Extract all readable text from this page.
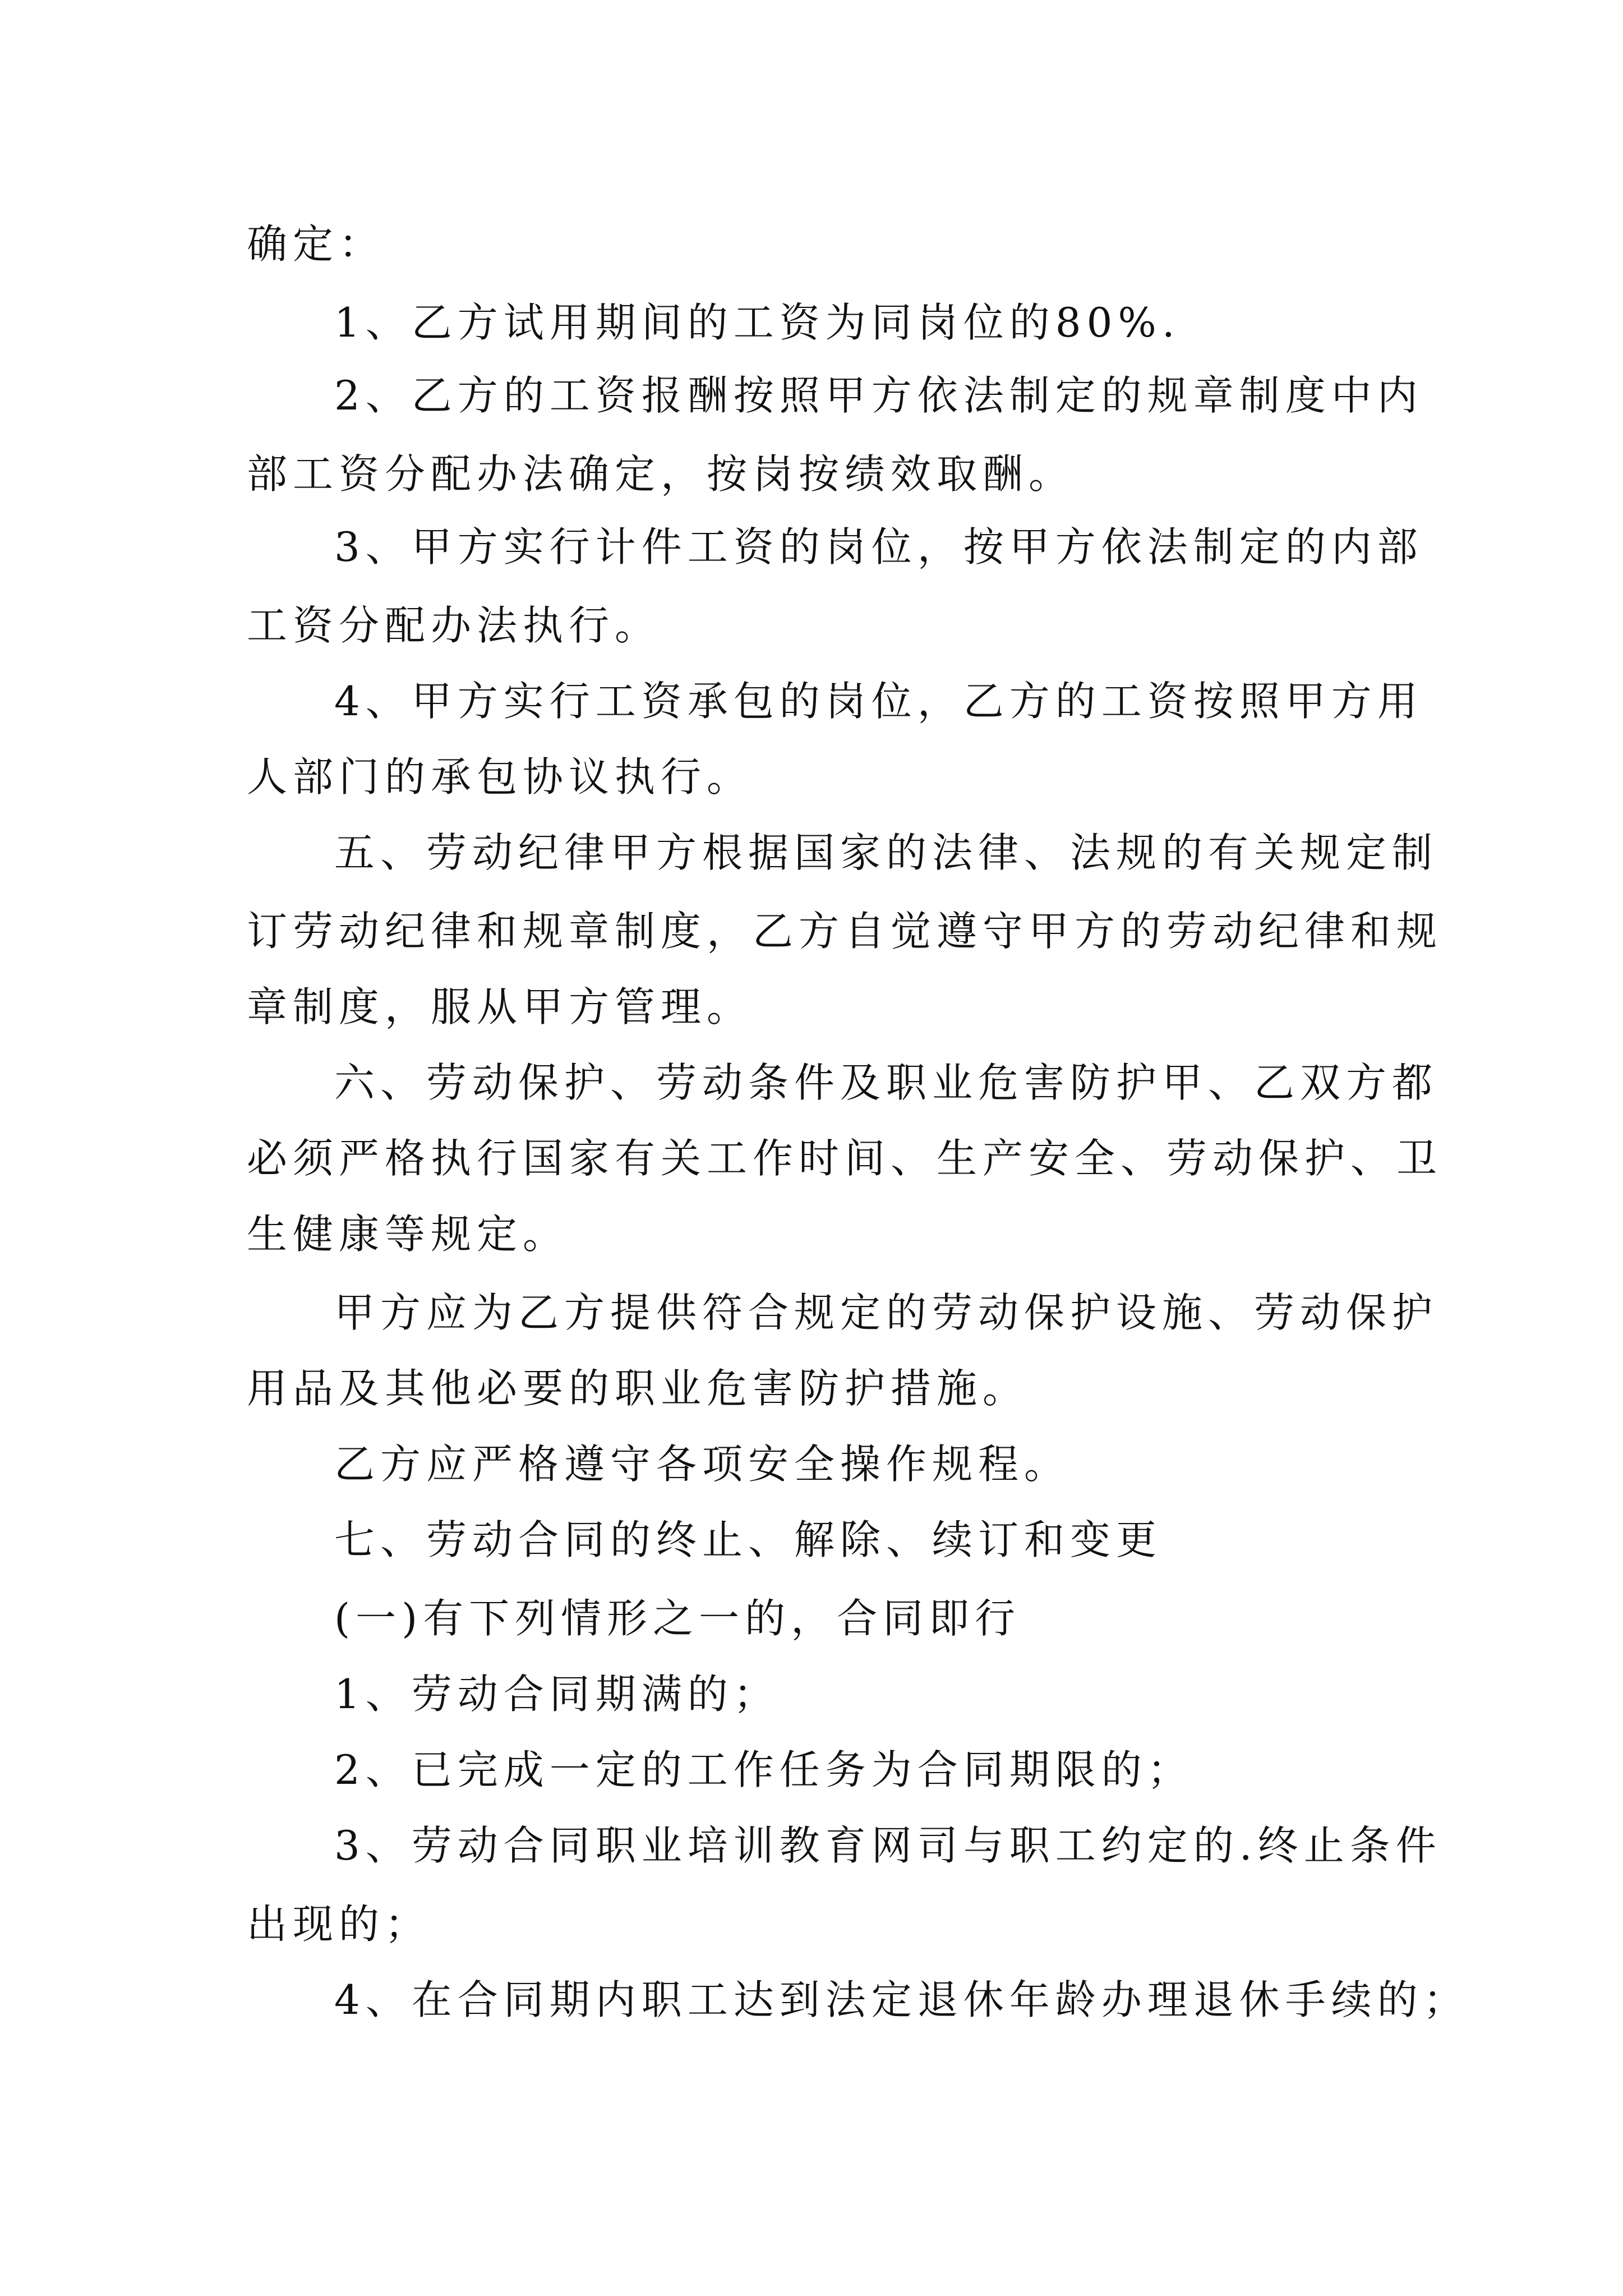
确定：

1、乙方试用期间的工资为同岗位的80%.

2、乙方的工资报酬按照甲方依法制定的规章制度中内

部工资分配办法确定，按岗按绩效取酬。

3、甲方实行计件工资的岗位，按甲方依法制定的内部

工资分配办法执行。

4、甲方实行工资承包的岗位，乙方的工资按照甲方用

人部门的承包协议执行。

五、劳动纪律甲方根据国家的法律、法规的有关规定制

订劳动纪律和规章制度，乙方自觉遵守甲方的劳动纪律和规

章制度，服从甲方管理。

六、劳动保护、劳动条件及职业危害防护甲、乙双方都

必须严格执行国家有关工作时间、生产安全、劳动保护、卫

生健康等规定。

甲方应为乙方提供符合规定的劳动保护设施、劳动保护

用品及其他必要的职业危害防护措施。

乙方应严格遵守各项安全操作规程。

七、劳动合同的终止、解除、续订和变更

(一)有下列情形之一的，合同即行

1、劳动合同期满的；

2、已完成一定的工作任务为合同期限的；

3、劳动合同职业培训教育网司与职工约定的.终止条件

出现的；

4、在合同期内职工达到法定退休年龄办理退休手续的；
